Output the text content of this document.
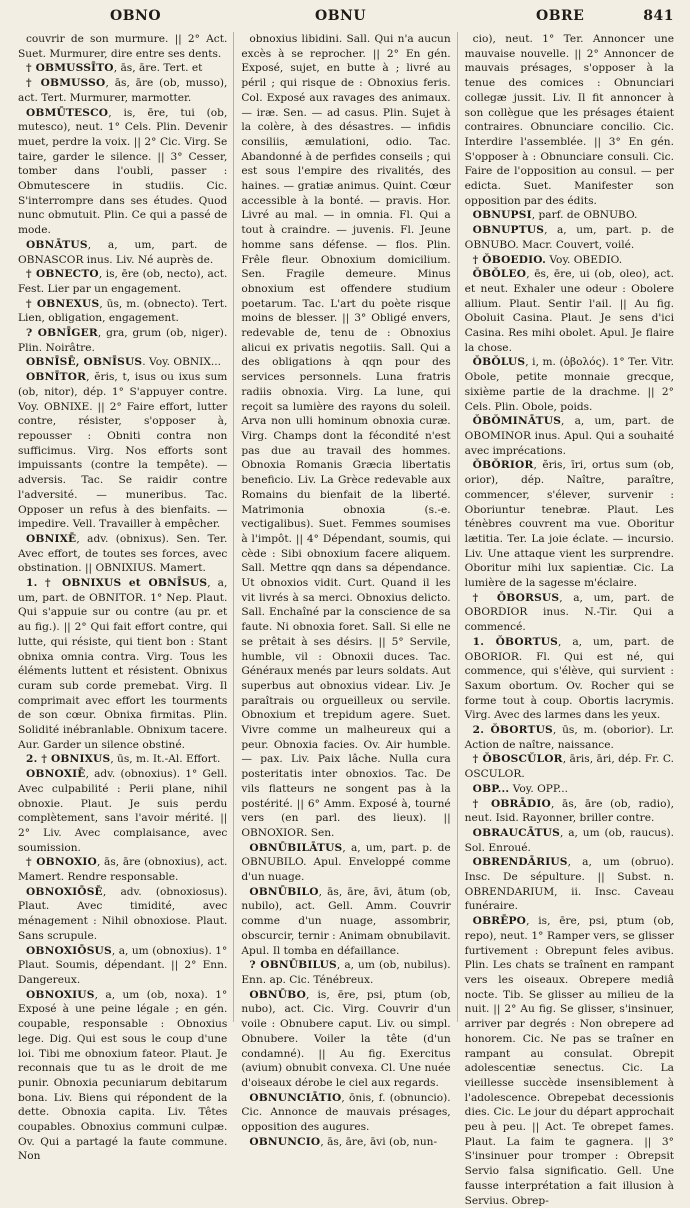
OBNO	OBNU	OBRE	841

couvrir de son murmure. || 2° Act. Suet. Murmurer, dire entre ses dents.

† OBMUSSĪTO, ās, āre. Tert. et

† OBMUSSO, ās, āre (ob, musso), act. Tert. Murmurer, marmotter.

OBMŪTESCO, is, ēre, tui (ob, mutesco), neut. 1° Cels. Plin. Devenir muet, perdre la voix. || 2° Cic. Virg. Se taire, garder le silence. || 3° Cesser, tomber dans l'oubli, passer : Obmutescere in studiis. Cic. S'interrompre dans ses études. Quod nunc obmutuit. Plin. Ce qui a passé de mode.

OBNĀTUS, a, um, part. de OBNASCOR inus. Liv. Né auprès de.

† OBNECTO, is, ēre (ob, necto), act. Fest. Lier par un engagement.

† OBNEXUS, ūs, m. (obnecto). Tert. Lien, obligation, engagement.

? OBNĪGER, gra, grum (ob, niger). Plin. Noirâtre.

OBNĪSĒ, OBNĪSUS. Voy. OBNIX...

OBNĪTOR, ĕris, t, isus ou ixus sum (ob, nitor), dép. 1° S'appuyer contre. Voy. OBNIXE. || 2° Faire effort, lutter contre, résister, s'opposer à, repousser : Obniti contra non sufficimus. Virg. Nos efforts sont impuissants (contre la tempête). — adversis. Tac. Se raidir contre l'adversité. — muneribus. Tac. Opposer un refus à des bienfaits. — impedire. Vell. Travailler à empêcher.

OBNIXĒ, adv. (obnixus). Sen. Ter. Avec effort, de toutes ses forces, avec obstination. || OBNIXIUS. Mamert.

1. † OBNIXUS et OBNĪSUS, a, um, part. de OBNITOR. 1° Nep. Plaut. Qui s'appuie sur ou contre (au pr. et au fig.). || 2° Qui fait effort contre, qui lutte, qui résiste, qui tient bon : Stant obnixa omnia contra. Virg. Tous les éléments luttent et résistent. Obnixus curam sub corde premebat. Virg. Il comprimait avec effort les tourments de son cœur. Obnixa firmitas. Plin. Solidité inébranlable. Obnixum tacere. Aur. Garder un silence obstiné.

2. † OBNIXUS, ūs, m. It.-Al. Effort.

OBNOXIĒ, adv. (obnoxius). 1° Gell. Avec culpabilité : Perii plane, nihil obnoxie. Plaut. Je suis perdu complètement, sans l'avoir mérité. || 2° Liv. Avec complaisance, avec soumission.

† OBNOXIO, ās, āre (obnoxius), act. Mamert. Rendre responsable.

OBNOXIŌSĒ, adv. (obnoxiosus). Plaut. Avec timidité, avec ménagement : Nihil obnoxiose. Plaut. Sans scrupule.

OBNOXIŌSUS, a, um (obnoxius). 1° Plaut. Soumis, dépendant. || 2° Enn. Dangereux.

OBNOXIUS, a, um (ob, noxa). 1° Exposé à une peine légale ; en gén. coupable, responsable : Obnoxius lege. Dig. Qui est sous le coup d'une loi. Tibi me obnoxium fateor. Plaut. Je reconnais que tu as le droit de me punir. Obnoxia pecuniarum debitarum bona. Liv. Biens qui répondent de la dette. Obnoxia capita. Liv. Têtes coupables. Obnoxius communi culpæ. Ov. Qui a partagé la faute commune. Non

obnoxius libidini. Sall. Qui n'a aucun excès à se reprocher. || 2° En gén. Exposé, sujet, en butte à ; livré au péril ; qui risque de : Obnoxius feris. Col. Exposé aux ravages des animaux. — iræ. Sen. — ad casus. Plin. Sujet à la colère, à des désastres. — infidis consiliis, æmulationi, odio. Tac. Abandonné à de perfides conseils ; qui est sous l'empire des rivalités, des haines. — gratiæ animus. Quint. Cœur accessible à la bonté. — pravis. Hor. Livré au mal. — in omnia. Fl. Qui a tout à craindre. — juvenis. Fl. Jeune homme sans défense. — flos. Plin. Frêle fleur. Obnoxium domicilium. Sen. Fragile demeure. Minus obnoxium est offendere studium poetarum. Tac. L'art du poète risque moins de blesser. || 3° Obligé envers, redevable de, tenu de : Obnoxius alicui ex privatis negotiis. Sall. Qui a des obligations à qqn pour des services personnels. Luna fratris radiis obnoxia. Virg. La lune, qui reçoit sa lumière des rayons du soleil. Arva non ulli hominum obnoxia curæ. Virg. Champs dont la fécondité n'est pas due au travail des hommes. Obnoxia Romanis Græcia libertatis beneficio. Liv. La Grèce redevable aux Romains du bienfait de la liberté. Matrimonia obnoxia (s.-e. vectigalibus). Suet. Femmes soumises à l'impôt. || 4° Dépendant, soumis, qui cède : Sibi obnoxium facere aliquem. Sall. Mettre qqn dans sa dépendance. Ut obnoxios vidit. Curt. Quand il les vit livrés à sa merci. Obnoxius delicto. Sall. Enchaîné par la conscience de sa faute. Ni obnoxia foret. Sall. Si elle ne se prêtait à ses désirs. || 5° Servile, humble, vil : Obnoxii duces. Tac. Généraux menés par leurs soldats. Aut superbus aut obnoxius videar. Liv. Je paraîtrais ou orgueilleux ou servile. Obnoxium et trepidum agere. Suet. Vivre comme un malheureux qui a peur. Obnoxia facies. Ov. Air humble. — pax. Liv. Paix lâche. Nulla cura posteritatis inter obnoxios. Tac. De vils flatteurs ne songent pas à la postérité. || 6° Amm. Exposé à, tourné vers (en parl. des lieux). || OBNOXIOR. Sen.

OBNŪBILĀTUS, a, um, part. p. de OBNUBILO. Apul. Enveloppé comme d'un nuage.

OBNŪBILO, ās, āre, āvi, ātum (ob, nubilo), act. Gell. Amm. Couvrir comme d'un nuage, assombrir, obscurcir, ternir : Animam obnubilavit. Apul. Il tomba en défaillance.

? OBNŪBILUS, a, um (ob, nubilus). Enn. ap. Cic. Ténébreux.

OBNŪBO, is, ēre, psi, ptum (ob, nubo), act. Cic. Virg. Couvrir d'un voile : Obnubere caput. Liv. ou simpl. Obnubere. Voiler la tête (d'un condamné). || Au fig. Exercitus (avium) obnubit convexa. Cl. Une nuée d'oiseaux dérobe le ciel aux regards.

OBNUNCIĀTIO, ōnis, f. (obnuncio). Cic. Annonce de mauvais présages, opposition des augures.

OBNUNCIO, ās, āre, āvi (ob, nun-

cio), neut. 1° Ter. Annoncer une mauvaise nouvelle. || 2° Annoncer de mauvais présages, s'opposer à la tenue des comices : Obnunciari collegæ jussit. Liv. Il fit annoncer à son collègue que les présages étaient contraires. Obnunciare concilio. Cic. Interdire l'assemblée. || 3° En gén. S'opposer à : Obnunciare consuli. Cic. Faire de l'opposition au consul. — per edicta. Suet. Manifester son opposition par des édits.

OBNUPSI, parf. de OBNUBO.

OBNUPTUS, a, um, part. p. de OBNUBO. Macr. Couvert, voilé.

† ŎBOEDIO. Voy. OBEDIO.

ŎBŎLEO, ēs, ēre, ui (ob, oleo), act. et neut. Exhaler une odeur : Obolere allium. Plaut. Sentir l'ail. || Au fig. Oboluit Casina. Plaut. Je sens d'ici Casina. Res mihi obolet. Apul. Je flaire la chose.

ŎBŎLUS, i, m. (ὀβολός). 1° Ter. Vitr. Obole, petite monnaie grecque, sixième partie de la drachme. || 2° Cels. Plin. Obole, poids.

ŎBŎMINĀTUS, a, um, part. de OBOMINOR inus. Apul. Qui a souhaité avec imprécations.

ŎBŎRIOR, ĕris, īri, ortus sum (ob, orior), dép. Naître, paraître, commencer, s'élever, survenir : Oboriuntur tenebræ. Plaut. Les ténèbres couvrent ma vue. Oboritur lætitia. Ter. La joie éclate. — incursio. Liv. Une attaque vient les surprendre. Oboritur mihi lux sapientiæ. Cic. La lumière de la sagesse m'éclaire.

† ŎBORSUS, a, um, part. de OBORDIOR inus. N.-Tir. Qui a commencé.

1. ŎBORTUS, a, um, part. de OBORIOR. Fl. Qui est né, qui commence, qui s'élève, qui survient : Saxum obortum. Ov. Rocher qui se forme tout à coup. Obortis lacrymis. Virg. Avec des larmes dans les yeux.

2. ŎBORTUS, ūs, m. (oborior). Lr. Action de naître, naissance.

† ŎBOSCŬLOR, āris, āri, dép. Fr. C. OSCULOR.

OBP... Voy. OPP...

† OBRĀDIO, ās, āre (ob, radio), neut. Isid. Rayonner, briller contre.

OBRAUCĀTUS, a, um (ob, raucus). Sol. Enroué.

OBRENDĀRIUS, a, um (obruo). Insc. De sépulture. || Subst. n. OBRENDARIUM, ii. Insc. Caveau funéraire.

OBRĒPO, is, ēre, psi, ptum (ob, repo), neut. 1° Ramper vers, se glisser furtivement : Obrepunt feles avibus. Plin. Les chats se traînent en rampant vers les oiseaux. Obrepere mediâ nocte. Tib. Se glisser au milieu de la nuit. || 2° Au fig. Se glisser, s'insinuer, arriver par degrés : Non obrepere ad honorem. Cic. Ne pas se traîner en rampant au consulat. Obrepit adolescentiæ senectus. Cic. La vieillesse succède insensiblement à l'adolescence. Obrepebat decessionis dies. Cic. Le jour du départ approchait peu à peu. || Act. Te obrepet fames. Plaut. La faim te gagnera. || 3° S'insinuer pour tromper : Obrepsit Servio falsa significatio. Gell. Une fausse interprétation a fait illusion à Servius. Obrep-
